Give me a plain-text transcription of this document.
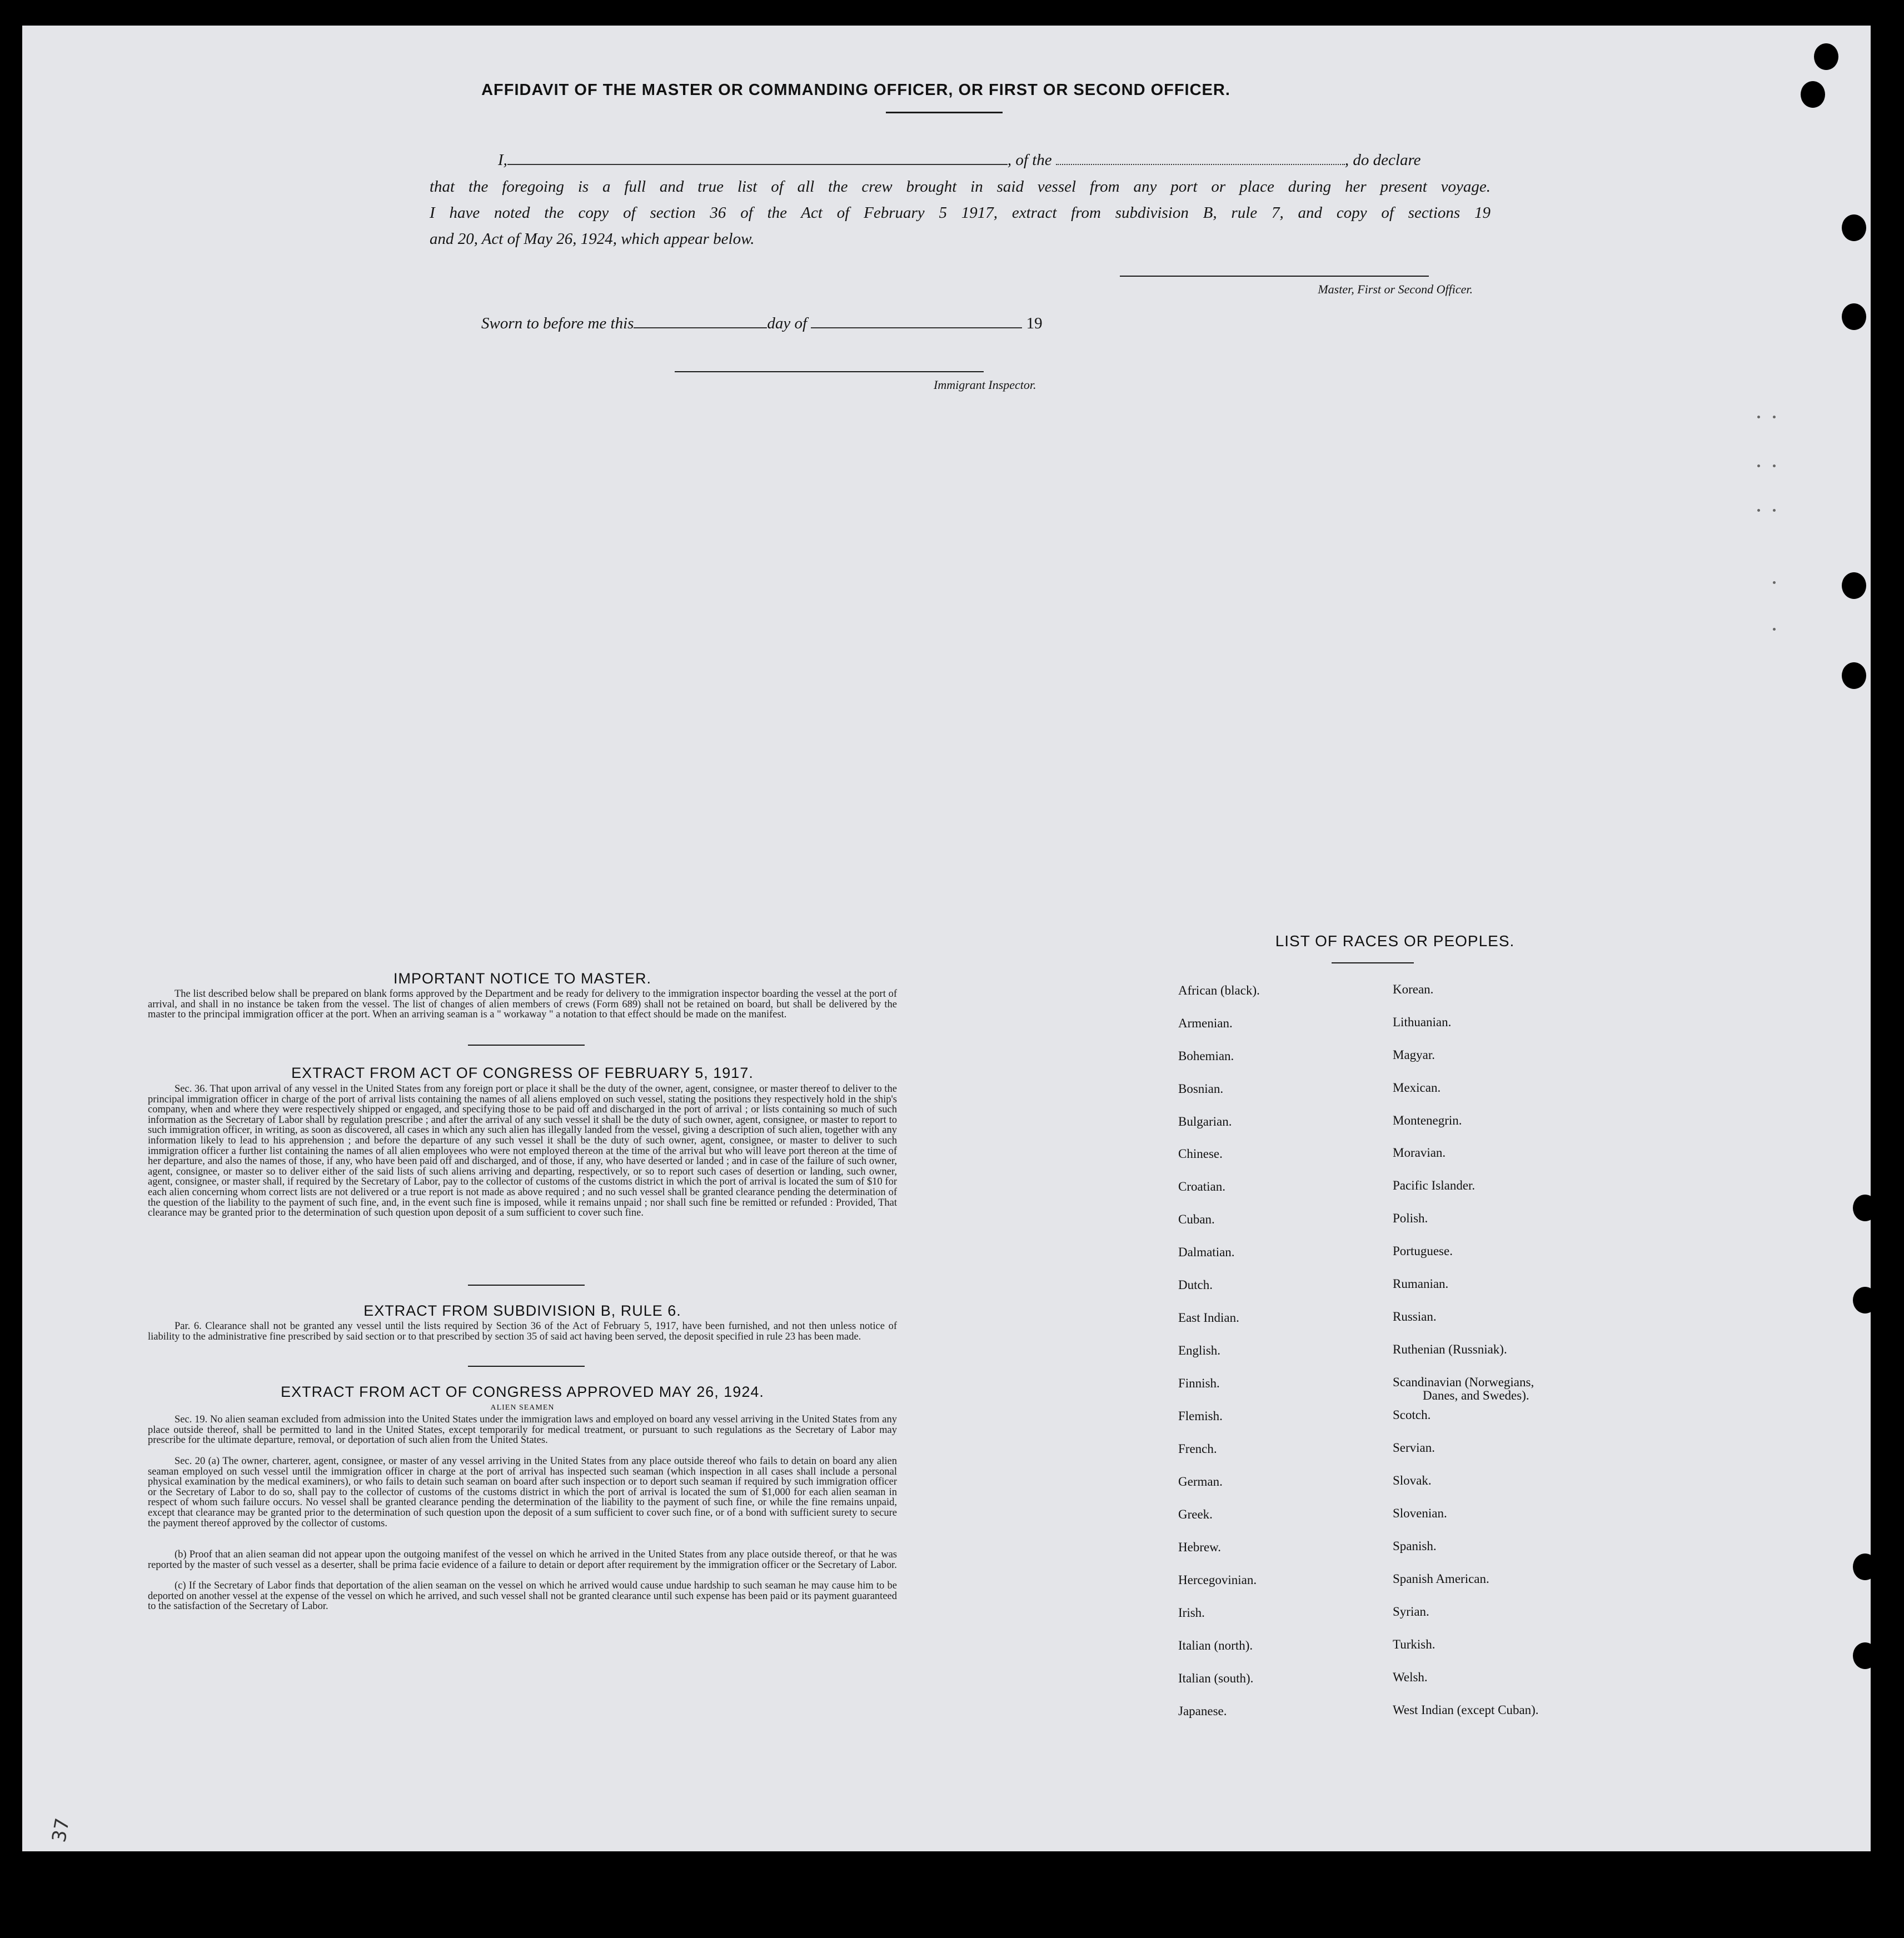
AFFIDAVIT OF THE MASTER OR COMMANDING OFFICER, OR FIRST OR SECOND OFFICER.
I,	, of the	, do declare
that the foregoing is a full and true list of all the crew brought in said vessel from any port or place during her present voyage.
I have noted the copy of section 36 of the Act of February 5 1917, extract from subdivision B, rule 7, and copy of sections 19
and 20, Act of May 26, 1924, which appear below.
Master, First or Second Officer.
Sworn to before me this	day of	19
Immigrant Inspector.
IMPORTANT NOTICE TO MASTER.

The list described below shall be prepared on blank forms approved by the Department and be ready for delivery to the immigration inspector boarding the vessel at the port of arrival, and shall in no instance be taken from the vessel. The list of changes of alien members of crews (Form 689) shall not be retained on board, but shall be delivered by the master to the principal immigration officer at the port. When an arriving seaman is a " workaway " a notation to that effect should be made on the manifest.

EXTRACT FROM ACT OF CONGRESS OF FEBRUARY 5, 1917.

Sec. 36. That upon arrival of any vessel in the United States from any foreign port or place it shall be the duty of the owner, agent, consignee, or master thereof to deliver to the principal immigration officer in charge of the port of arrival lists containing the names of all aliens employed on such vessel, stating the positions they respectively hold in the ship's company, when and where they were respectively shipped or engaged, and specifying those to be paid off and discharged in the port of arrival ; or lists containing so much of such information as the Secretary of Labor shall by regulation prescribe ; and after the arrival of any such vessel it shall be the duty of such owner, agent, consignee, or master to report to such immigration officer, in writing, as soon as discovered, all cases in which any such alien has illegally landed from the vessel, giving a description of such alien, together with any information likely to lead to his apprehension ; and before the departure of any such vessel it shall be the duty of such owner, agent, consignee, or master to deliver to such immigration officer a further list containing the names of all alien employees who were not employed thereon at the time of the arrival but who will leave port thereon at the time of her departure, and also the names of those, if any, who have been paid off and discharged, and of those, if any, who have deserted or landed ; and in case of the failure of such owner, agent, consignee, or master so to deliver either of the said lists of such aliens arriving and departing, respectively, or so to report such cases of desertion or landing, such owner, agent, consignee, or master shall, if required by the Secretary of Labor, pay to the collector of customs of the customs district in which the port of arrival is located the sum of $10 for each alien concerning whom correct lists are not delivered or a true report is not made as above required ; and no such vessel shall be granted clearance pending the determination of the question of the liability to the payment of such fine, and, in the event such fine is imposed, while it remains unpaid ; nor shall such fine be remitted or refunded : Provided, That clearance may be granted prior to the determination of such question upon deposit of a sum sufficient to cover such fine.

EXTRACT FROM SUBDIVISION B, RULE 6.

Par. 6. Clearance shall not be granted any vessel until the lists required by Section 36 of the Act of February 5, 1917, have been furnished, and not then unless notice of liability to the administrative fine prescribed by said section or to that prescribed by section 35 of said act having been served, the deposit specified in rule 23 has been made.

EXTRACT FROM ACT OF CONGRESS APPROVED MAY 26, 1924.
ALIEN SEAMEN

Sec. 19. No alien seaman excluded from admission into the United States under the immigration laws and employed on board any vessel arriving in the United States from any place outside thereof, shall be permitted to land in the United States, except temporarily for medical treatment, or pursuant to such regulations as the Secretary of Labor may prescribe for the ultimate departure, removal, or deportation of such alien from the United States.

Sec. 20 (a) The owner, charterer, agent, consignee, or master of any vessel arriving in the United States from any place outside thereof who fails to detain on board any alien seaman employed on such vessel until the immigration officer in charge at the port of arrival has inspected such seaman (which inspection in all cases shall include a personal physical examination by the medical examiners), or who fails to detain such seaman on board after such inspection or to deport such seaman if required by such immigration officer or the Secretary of Labor to do so, shall pay to the collector of customs of the customs district in which the port of arrival is located the sum of $1,000 for each alien seaman in respect of whom such failure occurs. No vessel shall be granted clearance pending the determination of the liability to the payment of such fine, or while the fine remains unpaid, except that clearance may be granted prior to the determination of such question upon the deposit of a sum sufficient to cover such fine, or of a bond with sufficient surety to secure the payment thereof approved by the collector of customs.

(b) Proof that an alien seaman did not appear upon the outgoing manifest of the vessel on which he arrived in the United States from any place outside thereof, or that he was reported by the master of such vessel as a deserter, shall be prima facie evidence of a failure to detain or deport after requirement by the immigration officer or the Secretary of Labor.

(c) If the Secretary of Labor finds that deportation of the alien seaman on the vessel on which he arrived would cause undue hardship to such seaman he may cause him to be deported on another vessel at the expense of the vessel on which he arrived, and such vessel shall not be granted clearance until such expense has been paid or its payment guaranteed to the satisfaction of the Secretary of Labor.

LIST OF RACES OR PEOPLES.
African (black).
Armenian.
Bohemian.
Bosnian.
Bulgarian.
Chinese.
Croatian.
Cuban.
Dalmatian.
Dutch.
East Indian.
English.
Finnish.
Flemish.
French.
German.
Greek.
Hebrew.
Hercegovinian.
Irish.
Italian (north).
Italian (south).
Japanese.
Korean.
Lithuanian.
Magyar.
Mexican.
Montenegrin.
Moravian.
Pacific Islander.
Polish.
Portuguese.
Rumanian.
Russian.
Ruthenian (Russniak).
Scandinavian (Norwegians,
Danes, and Swedes).
Scotch.
Servian.
Slovak.
Slovenian.
Spanish.
Spanish American.
Syrian.
Turkish.
Welsh.
West Indian (except Cuban).
37
